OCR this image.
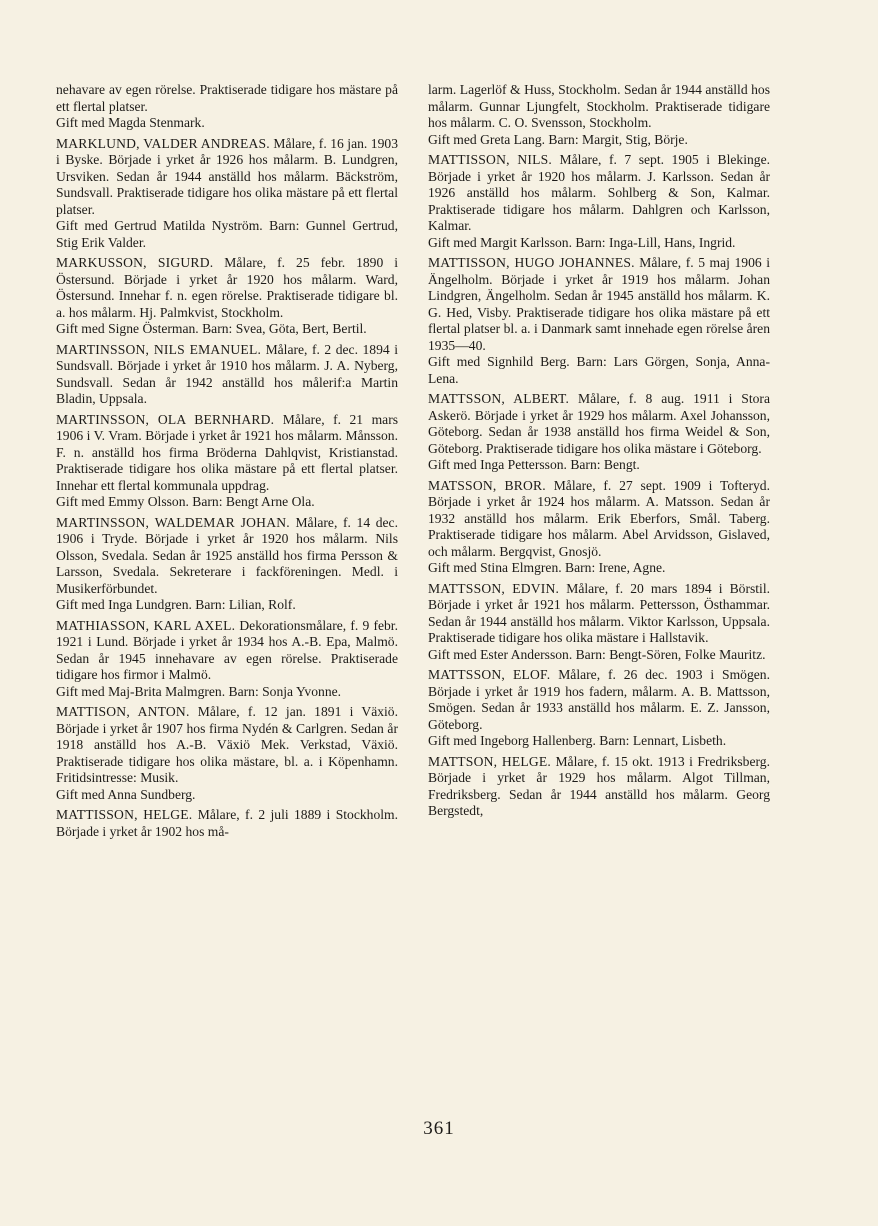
nehavare av egen rörelse. Praktiserade tidigare hos mästare på ett flertal platser.

Gift med Magda Stenmark.

MARKLUND, VALDER ANDREAS. Målare, f. 16 jan. 1903 i Byske. Började i yrket år 1926 hos målarm. B. Lundgren, Ursviken. Sedan år 1944 anställd hos målarm. Bäckström, Sundsvall. Praktiserade tidigare hos olika mästare på ett flertal platser.

Gift med Gertrud Matilda Nyström. Barn: Gunnel Gertrud, Stig Erik Valder.

MARKUSSON, SIGURD. Målare, f. 25 febr. 1890 i Östersund. Började i yrket år 1920 hos målarm. Ward, Östersund. Innehar f. n. egen rörelse. Praktiserade tidigare bl. a. hos målarm. Hj. Palmkvist, Stockholm.

Gift med Signe Österman. Barn: Svea, Göta, Bert, Bertil.

MARTINSSON, NILS EMANUEL. Målare, f. 2 dec. 1894 i Sundsvall. Började i yrket år 1910 hos målarm. J. A. Nyberg, Sundsvall. Sedan år 1942 anställd hos målerif:a Martin Bladin, Uppsala.

MARTINSSON, OLA BERNHARD. Målare, f. 21 mars 1906 i V. Vram. Började i yrket år 1921 hos målarm. Månsson. F. n. anställd hos firma Bröderna Dahlqvist, Kristianstad. Praktiserade tidigare hos olika mästare på ett flertal platser. Innehar ett flertal kommunala uppdrag.

Gift med Emmy Olsson. Barn: Bengt Arne Ola.

MARTINSSON, WALDEMAR JOHAN. Målare, f. 14 dec. 1906 i Tryde. Började i yrket år 1920 hos målarm. Nils Olsson, Svedala. Sedan år 1925 anställd hos firma Persson & Larsson, Svedala. Sekreterare i fackföreningen. Medl. i Musikerförbundet.

Gift med Inga Lundgren. Barn: Lilian, Rolf.

MATHIASSON, KARL AXEL. Dekorationsmålare, f. 9 febr. 1921 i Lund. Började i yrket år 1934 hos A.-B. Epa, Malmö. Sedan år 1945 innehavare av egen rörelse. Praktiserade tidigare hos firmor i Malmö.

Gift med Maj-Brita Malmgren. Barn: Sonja Yvonne.

MATTISON, ANTON. Målare, f. 12 jan. 1891 i Växiö. Började i yrket år 1907 hos firma Nydén & Carlgren. Sedan år 1918 anställd hos A.-B. Växiö Mek. Verkstad, Växiö. Praktiserade tidigare hos olika mästare, bl. a. i Köpenhamn. Fritidsintresse: Musik.

Gift med Anna Sundberg.

MATTISSON, HELGE. Målare, f. 2 juli 1889 i Stockholm. Började i yrket år 1902 hos må-

larm. Lagerlöf & Huss, Stockholm. Sedan år 1944 anställd hos målarm. Gunnar Ljungfelt, Stockholm. Praktiserade tidigare hos målarm. C. O. Svensson, Stockholm.

Gift med Greta Lang. Barn: Margit, Stig, Börje.

MATTISSON, NILS. Målare, f. 7 sept. 1905 i Blekinge. Började i yrket år 1920 hos målarm. J. Karlsson. Sedan år 1926 anställd hos målarm. Sohlberg & Son, Kalmar. Praktiserade tidigare hos målarm. Dahlgren och Karlsson, Kalmar.

Gift med Margit Karlsson. Barn: Inga-Lill, Hans, Ingrid.

MATTISSON, HUGO JOHANNES. Målare, f. 5 maj 1906 i Ängelholm. Började i yrket år 1919 hos målarm. Johan Lindgren, Ängelholm. Sedan år 1945 anställd hos målarm. K. G. Hed, Visby. Praktiserade tidigare hos olika mästare på ett flertal platser bl. a. i Danmark samt innehade egen rörelse åren 1935—40.

Gift med Signhild Berg. Barn: Lars Görgen, Sonja, Anna-Lena.

MATTSSON, ALBERT. Målare, f. 8 aug. 1911 i Stora Askerö. Började i yrket år 1929 hos målarm. Axel Johansson, Göteborg. Sedan år 1938 anställd hos firma Weidel & Son, Göteborg. Praktiserade tidigare hos olika mästare i Göteborg.

Gift med Inga Pettersson. Barn: Bengt.

MATSSON, BROR. Målare, f. 27 sept. 1909 i Tofteryd. Började i yrket år 1924 hos målarm. A. Matsson. Sedan år 1932 anställd hos målarm. Erik Eberfors, Smål. Taberg. Praktiserade tidigare hos målarm. Abel Arvidsson, Gislaved, och målarm. Bergqvist, Gnosjö.

Gift med Stina Elmgren. Barn: Irene, Agne.

MATTSSON, EDVIN. Målare, f. 20 mars 1894 i Börstil. Började i yrket år 1921 hos målarm. Pettersson, Östhammar. Sedan år 1944 anställd hos målarm. Viktor Karlsson, Uppsala. Praktiserade tidigare hos olika mästare i Hallstavik.

Gift med Ester Andersson. Barn: Bengt-Sören, Folke Mauritz.

MATTSSON, ELOF. Målare, f. 26 dec. 1903 i Smögen. Började i yrket år 1919 hos fadern, målarm. A. B. Mattsson, Smögen. Sedan år 1933 anställd hos målarm. E. Z. Jansson, Göteborg.

Gift med Ingeborg Hallenberg. Barn: Lennart, Lisbeth.

MATTSON, HELGE. Målare, f. 15 okt. 1913 i Fredriksberg. Började i yrket år 1929 hos målarm. Algot Tillman, Fredriksberg. Sedan år 1944 anställd hos målarm. Georg Bergstedt,

361
